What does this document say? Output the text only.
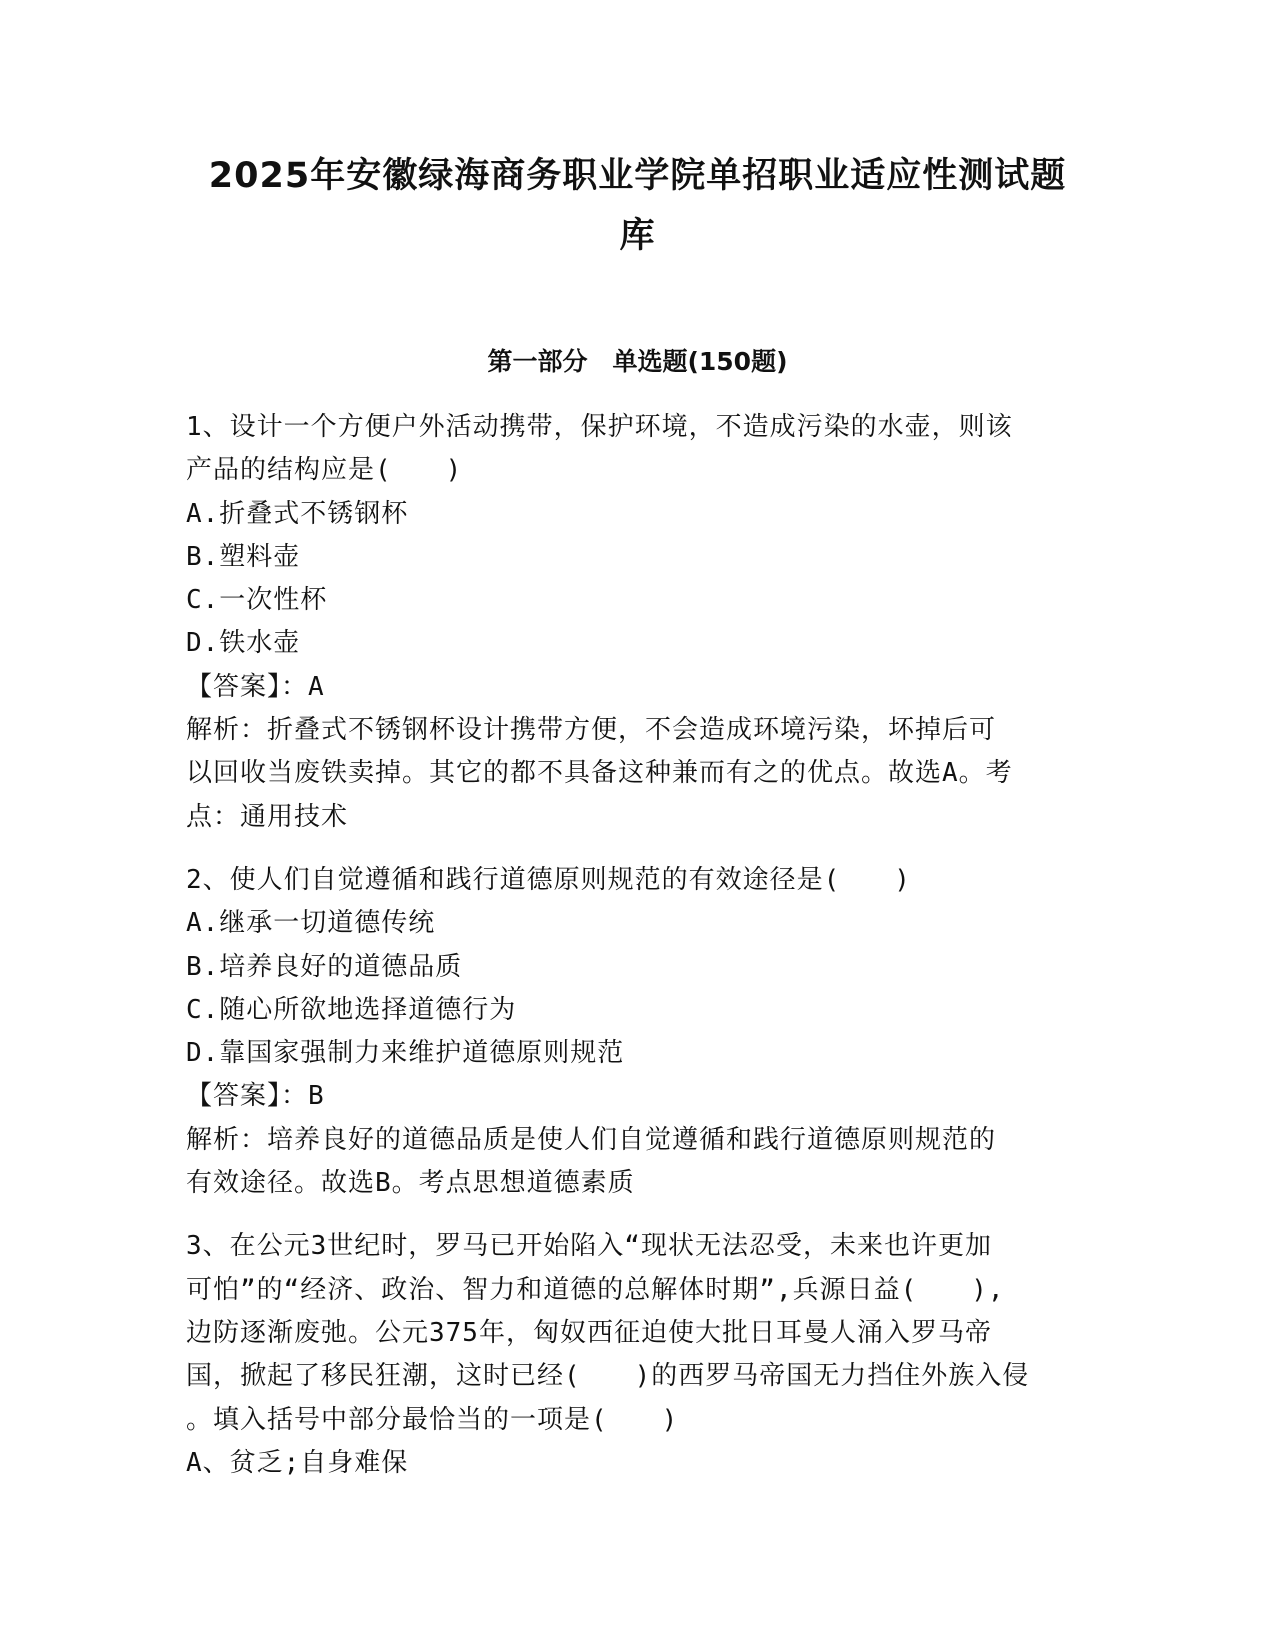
2025年安徽绿海商务职业学院单招职业适应性测试题
库
第一部分　单选题(150题)
1、设计一个方便户外活动携带，保护环境，不造成污染的水壶，则该
产品的结构应是(　　)
A.折叠式不锈钢杯
B.塑料壶
C.一次性杯
D.铁水壶
【答案】：A
解析：折叠式不锈钢杯设计携带方便，不会造成环境污染，坏掉后可
以回收当废铁卖掉。其它的都不具备这种兼而有之的优点。故选A。考
点：通用技术
2、使人们自觉遵循和践行道德原则规范的有效途径是(　　)
A.继承一切道德传统
B.培养良好的道德品质
C.随心所欲地选择道德行为
D.靠国家强制力来维护道德原则规范
【答案】：B
解析：培养良好的道德品质是使人们自觉遵循和践行道德原则规范的
有效途径。故选B。考点思想道德素质
3、在公元3世纪时，罗马已开始陷入“现状无法忍受，未来也许更加
可怕”的“经济、政治、智力和道德的总解体时期”,兵源日益(　　),
边防逐渐废弛。公元375年，匈奴西征迫使大批日耳曼人涌入罗马帝
国，掀起了移民狂潮，这时已经(　　)的西罗马帝国无力挡住外族入侵
。填入括号中部分最恰当的一项是(　　)
A、贫乏;自身难保
